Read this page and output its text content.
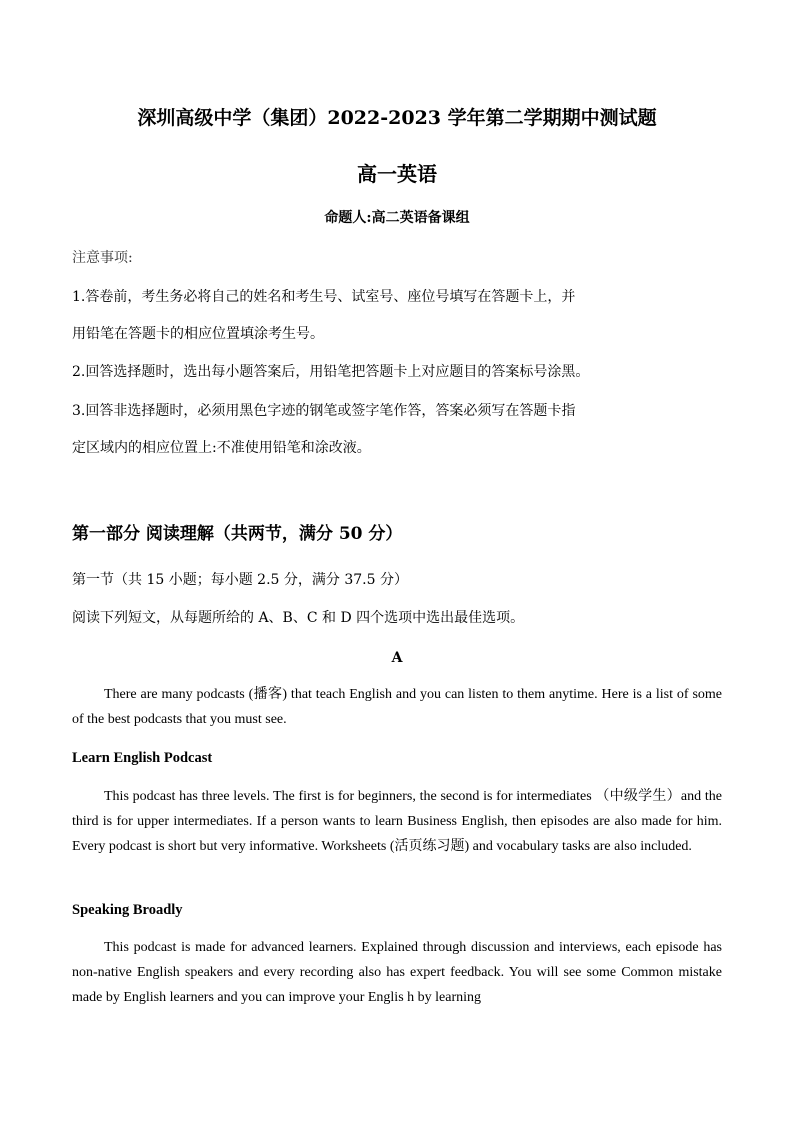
深圳高级中学（集团）2022-2023 学年第二学期期中测试题
高一英语
命题人:高二英语备课组
注意事项:
1.答卷前，考生务必将自己的姓名和考生号、试室号、座位号填写在答题卡上，并
用铅笔在答题卡的相应位置填涂考生号。
2.回答选择题时，选出每小题答案后，用铅笔把答题卡上对应题目的答案标号涂黑。
3.回答非选择题时，必须用黑色字迹的钢笔或签字笔作答，答案必须写在答题卡指
定区域内的相应位置上:不准使用铅笔和涂改液。
第一部分 阅读理解（共两节，满分 50 分）
第一节（共 15 小题；每小题 2.5 分，满分 37.5 分）
阅读下列短文，从每题所给的 A、B、C 和 D 四个选项中选出最佳选项。
A
There are many podcasts (播客) that teach English and you can listen to them anytime. Here is a list of some of the best podcasts that you must see.
Learn English Podcast
This podcast has three levels. The first is for beginners, the second is for intermediates （中级学生）and the third is for upper intermediates. If a person wants to learn Business English, then episodes are also made for him. Every podcast is short but very informative. Worksheets (活页练习题) and vocabulary tasks are also included.
Speaking Broadly
This podcast is made for advanced learners. Explained through discussion and interviews, each episode has non-native English speakers and every recording also has expert feedback. You will see some Common mistake made by English learners and you can improve your Englis h by learning
